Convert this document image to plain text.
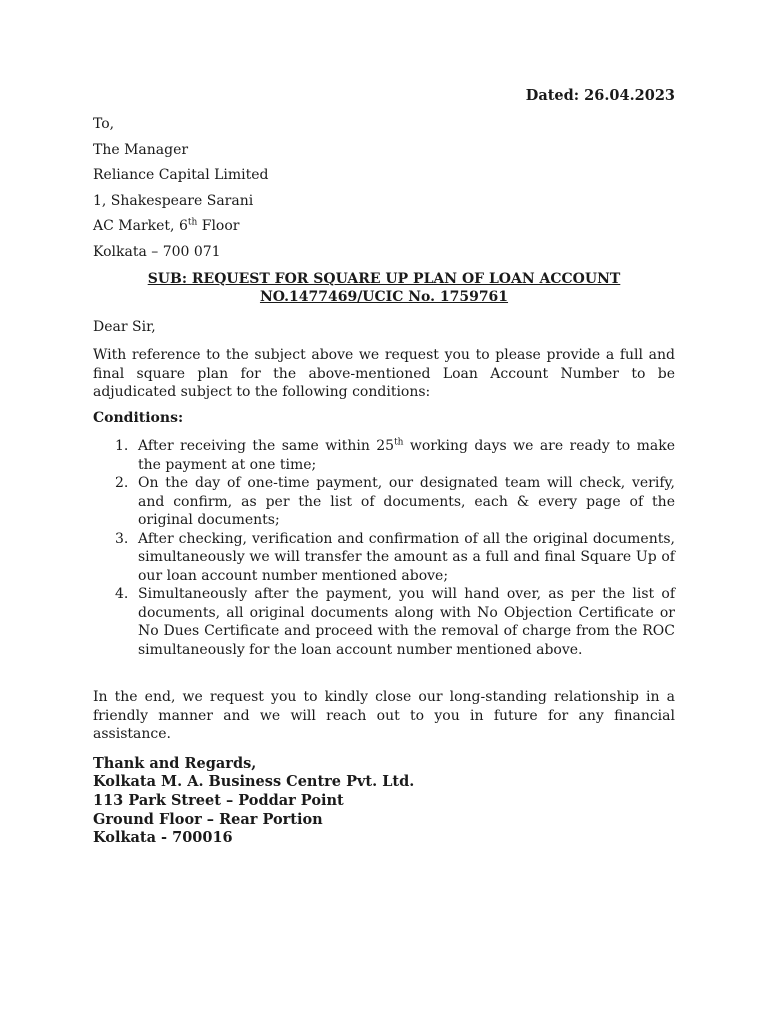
Dated: 26.04.2023
To,
The Manager
Reliance Capital Limited
1, Shakespeare Sarani
AC Market, 6th Floor
Kolkata – 700 071
SUB: REQUEST FOR SQUARE UP PLAN OF LOAN ACCOUNT
NO.1477469/UCIC No. 1759761
Dear Sir,
With reference to the subject above we request you to please provide a full and final square plan for the above-mentioned Loan Account Number to be adjudicated subject to the following conditions:
Conditions:
1. After receiving the same within 25th working days we are ready to make the payment at one time;
2. On the day of one-time payment, our designated team will check, verify, and confirm, as per the list of documents, each & every page of the original documents;
3. After checking, verification and confirmation of all the original documents, simultaneously we will transfer the amount as a full and final Square Up of our loan account number mentioned above;
4. Simultaneously after the payment, you will hand over, as per the list of documents, all original documents along with No Objection Certificate or No Dues Certificate and proceed with the removal of charge from the ROC simultaneously for the loan account number mentioned above.
In the end, we request you to kindly close our long-standing relationship in a friendly manner and we will reach out to you in future for any financial assistance.
Thank and Regards,
Kolkata M. A. Business Centre Pvt. Ltd.
113 Park Street – Poddar Point
Ground Floor – Rear Portion
Kolkata - 700016
